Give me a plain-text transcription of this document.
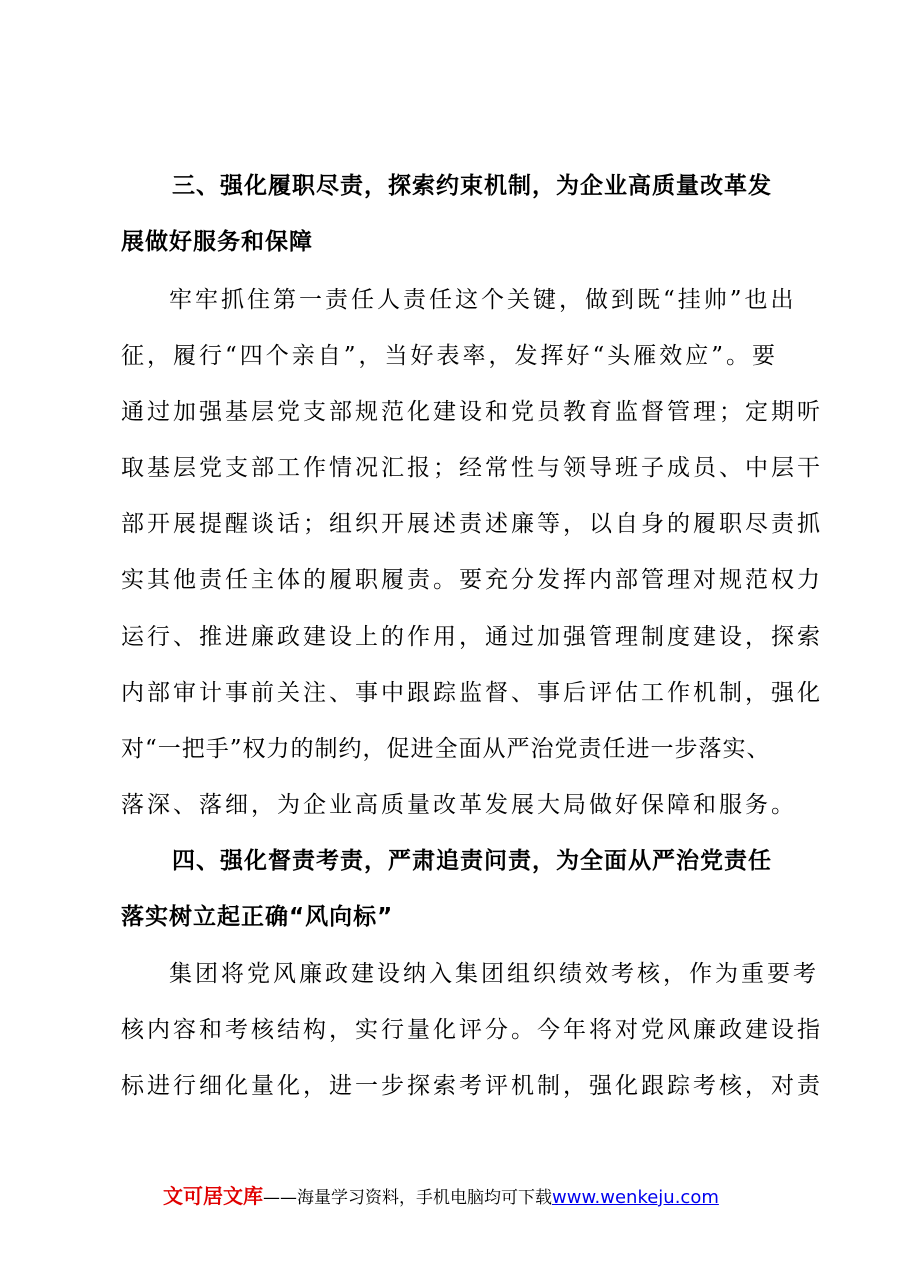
三、强化履职尽责，探索约束机制，为企业高质量改革发
展做好服务和保障
牢牢抓住第一责任人责任这个关键，做到既“挂帅”也出
征，履行“四个亲自”，当好表率，发挥好“头雁效应”。要
通过加强基层党支部规范化建设和党员教育监督管理；定期听
取基层党支部工作情况汇报；经常性与领导班子成员、中层干
部开展提醒谈话；组织开展述责述廉等，以自身的履职尽责抓
实其他责任主体的履职履责。要充分发挥内部管理对规范权力
运行、推进廉政建设上的作用，通过加强管理制度建设，探索
内部审计事前关注、事中跟踪监督、事后评估工作机制，强化
对“一把手”权力的制约，促进全面从严治党责任进一步落实、
落深、落细，为企业高质量改革发展大局做好保障和服务。
四、强化督责考责，严肃追责问责，为全面从严治党责任
落实树立起正确“风向标”
集团将党风廉政建设纳入集团组织绩效考核，作为重要考
核内容和考核结构，实行量化评分。今年将对党风廉政建设指
标进行细化量化，进一步探索考评机制，强化跟踪考核，对责
文可居文库——海量学习资料，手机电脑均可下载www.wenkeju.com
